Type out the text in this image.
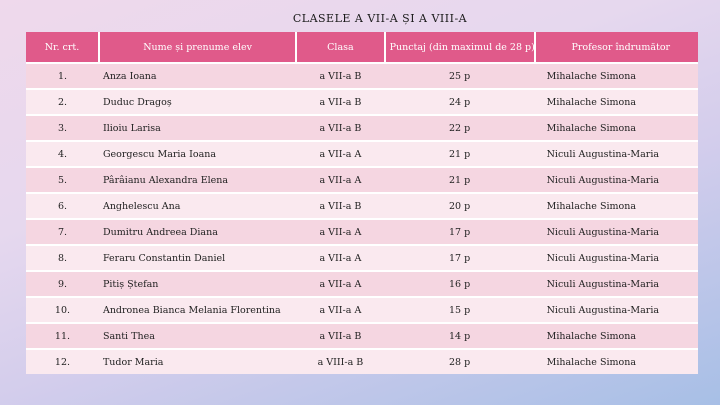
CLASELE A VII-A ȘI A VIII-A
Nr. crt.	Nume și prenume elev	Clasa	Punctaj (din maximul de 28 p)	Profesor îndrumător
1.	Anza Ioana	a VII-a B	25 p	Mihalache Simona
2.	Duduc Dragoș	a VII-a B	24 p	Mihalache Simona
3.	Ilioiu Larisa	a VII-a B	22 p	Mihalache Simona
4.	Georgescu Maria Ioana	a VII-a A	21 p	Niculi Augustina-Maria
5.	Pârâianu Alexandra Elena	a VII-a A	21 p	Niculi Augustina-Maria
6.	Anghelescu Ana	a VII-a B	20 p	Mihalache Simona
7.	Dumitru Andreea Diana	a VII-a A	17 p	Niculi Augustina-Maria
8.	Feraru Constantin Daniel	a VII-a A	17 p	Niculi Augustina-Maria
9.	Pitiș Ștefan	a VII-a A	16 p	Niculi Augustina-Maria
10.	Andronea Bianca Melania Florentina	a VII-a A	15 p	Niculi Augustina-Maria
11.	Santi Thea	a VII-a B	14 p	Mihalache Simona
12.	Tudor Maria	a VIII-a B	28 p	Mihalache Simona
